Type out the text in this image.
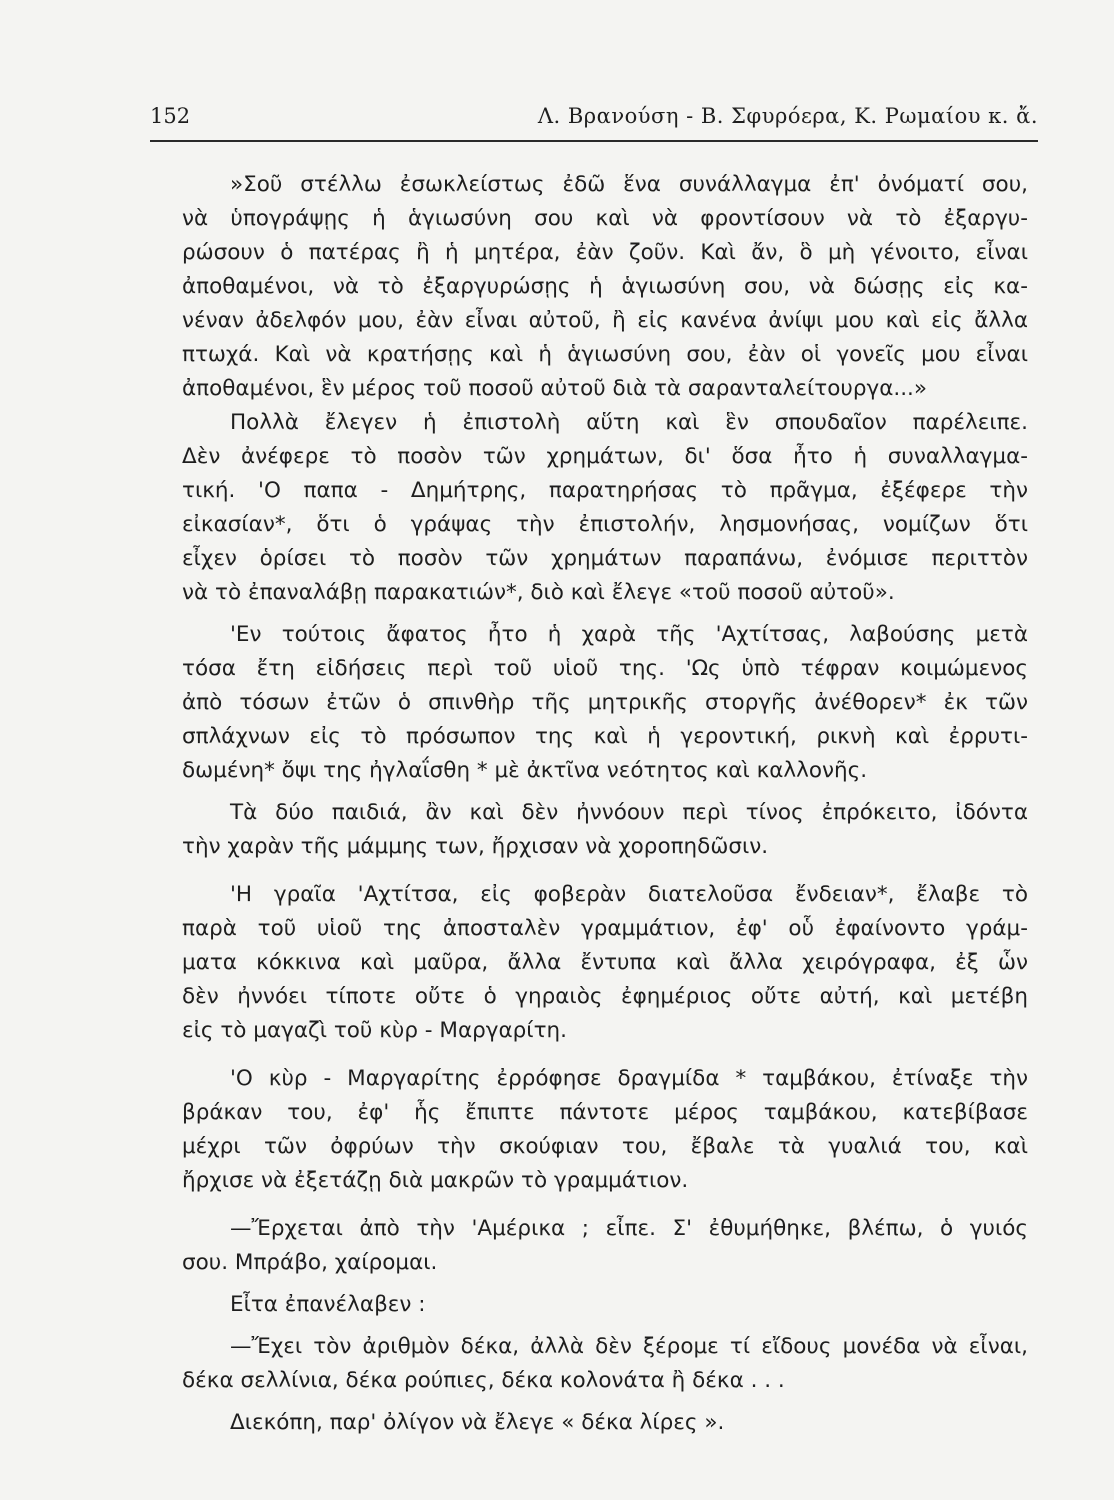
152	Λ. Βρανούση - Β. Σφυρόερα, Κ. Ρωμαίου κ. ἄ.
»Σοῦ στέλλω ἐσωκλείστως ἐδῶ ἕνα συνάλλαγμα ἐπ' ὀνόματί σου,
νὰ ὑπογράψῃς ἡ ἁγιωσύνη σου καὶ νὰ φροντίσουν νὰ τὸ ἐξαργυ-
ρώσουν ὁ πατέρας ἢ ἡ μητέρα, ἐὰν ζοῦν. Καὶ ἄν, ὃ μὴ γένοιτο, εἶναι
ἀποθαμένοι, νὰ τὸ ἐξαργυρώσῃς ἡ ἁγιωσύνη σου, νὰ δώσῃς εἰς κα-
νέναν ἀδελφόν μου, ἐὰν εἶναι αὐτοῦ, ἢ εἰς κανένα ἀνίψι μου καὶ εἰς ἄλλα
πτωχά. Καὶ νὰ κρατήσῃς καὶ ἡ ἁγιωσύνη σου, ἐὰν οἱ γονεῖς μου εἶναι
ἀποθαμένοι, ἓν μέρος τοῦ ποσοῦ αὐτοῦ διὰ τὰ σαρανταλείτουργα...»
Πολλὰ ἔλεγεν ἡ ἐπιστολὴ αὕτη καὶ ἓν σπουδαῖον παρέλειπε.
Δὲν ἀνέφερε τὸ ποσὸν τῶν χρημάτων, δι' ὅσα ἦτο ἡ συναλλαγμα-
τική. 'Ο παπα - Δημήτρης, παρατηρήσας τὸ πρᾶγμα, ἐξέφερε τὴν
εἰκασίαν*, ὅτι ὁ γράψας τὴν ἐπιστολήν, λησμονήσας, νομίζων ὅτι
εἶχεν ὁρίσει τὸ ποσὸν τῶν χρημάτων παραπάνω, ἐνόμισε περιττὸν
νὰ τὸ ἐπαναλάβῃ παρακατιών*, διὸ καὶ ἔλεγε «τοῦ ποσοῦ αὐτοῦ».
'Εν τούτοις ἄφατος ἦτο ἡ χαρὰ τῆς 'Αχτίτσας, λαβούσης μετὰ
τόσα ἔτη εἰδήσεις περὶ τοῦ υἱοῦ της. 'Ως ὑπὸ τέφραν κοιμώμενος
ἀπὸ τόσων ἐτῶν ὁ σπινθὴρ τῆς μητρικῆς στοργῆς ἀνέθορεν* ἐκ τῶν
σπλάχνων εἰς τὸ πρόσωπον της καὶ ἡ γεροντική, ρικνὴ καὶ ἐρρυτι-
δωμένη* ὄψι της ἠγλαΐσθη * μὲ ἀκτῖνα νεότητος καὶ καλλονῆς.
Τὰ δύο παιδιά, ἂν καὶ δὲν ἠννόουν περὶ τίνος ἐπρόκειτο, ἰδόντα
τὴν χαρὰν τῆς μάμμης των, ἤρχισαν νὰ χοροπηδῶσιν.
'Η γραῖα 'Αχτίτσα, εἰς φοβερὰν διατελοῦσα ἔνδειαν*, ἔλαβε τὸ
παρὰ τοῦ υἱοῦ της ἀποσταλὲν γραμμάτιον, ἐφ' οὗ ἐφαίνοντο γράμ-
ματα κόκκινα καὶ μαῦρα, ἄλλα ἔντυπα καὶ ἄλλα χειρόγραφα, ἐξ ὧν
δὲν ἠννόει τίποτε οὔτε ὁ γηραιὸς ἐφημέριος οὔτε αὐτή, καὶ μετέβη
εἰς τὸ μαγαζὶ τοῦ κὺρ - Μαργαρίτη.
'Ο κὺρ - Μαργαρίτης ἐρρόφησε δραγμίδα * ταμβάκου, ἐτίναξε τὴν
βράκαν του, ἐφ' ἧς ἔπιπτε πάντοτε μέρος ταμβάκου, κατεβίβασε
μέχρι τῶν ὀφρύων τὴν σκούφιαν του, ἔβαλε τὰ γυαλιά του, καὶ
ἤρχισε νὰ ἐξετάζῃ διὰ μακρῶν τὸ γραμμάτιον.
—Ἔρχεται ἀπὸ τὴν 'Αμέρικα ; εἶπε. Σ' ἐθυμήθηκε, βλέπω, ὁ γυιός
σου. Μπράβο, χαίρομαι.
Εἶτα ἐπανέλαβεν :
—Ἔχει τὸν ἀριθμὸν δέκα, ἀλλὰ δὲν ξέρομε τί εἴδους μονέδα νὰ εἶναι,
δέκα σελλίνια, δέκα ρούπιες, δέκα κολονάτα ἢ δέκα . . .
Διεκόπη, παρ' ὀλίγον νὰ ἔλεγε « δέκα λίρες ».
